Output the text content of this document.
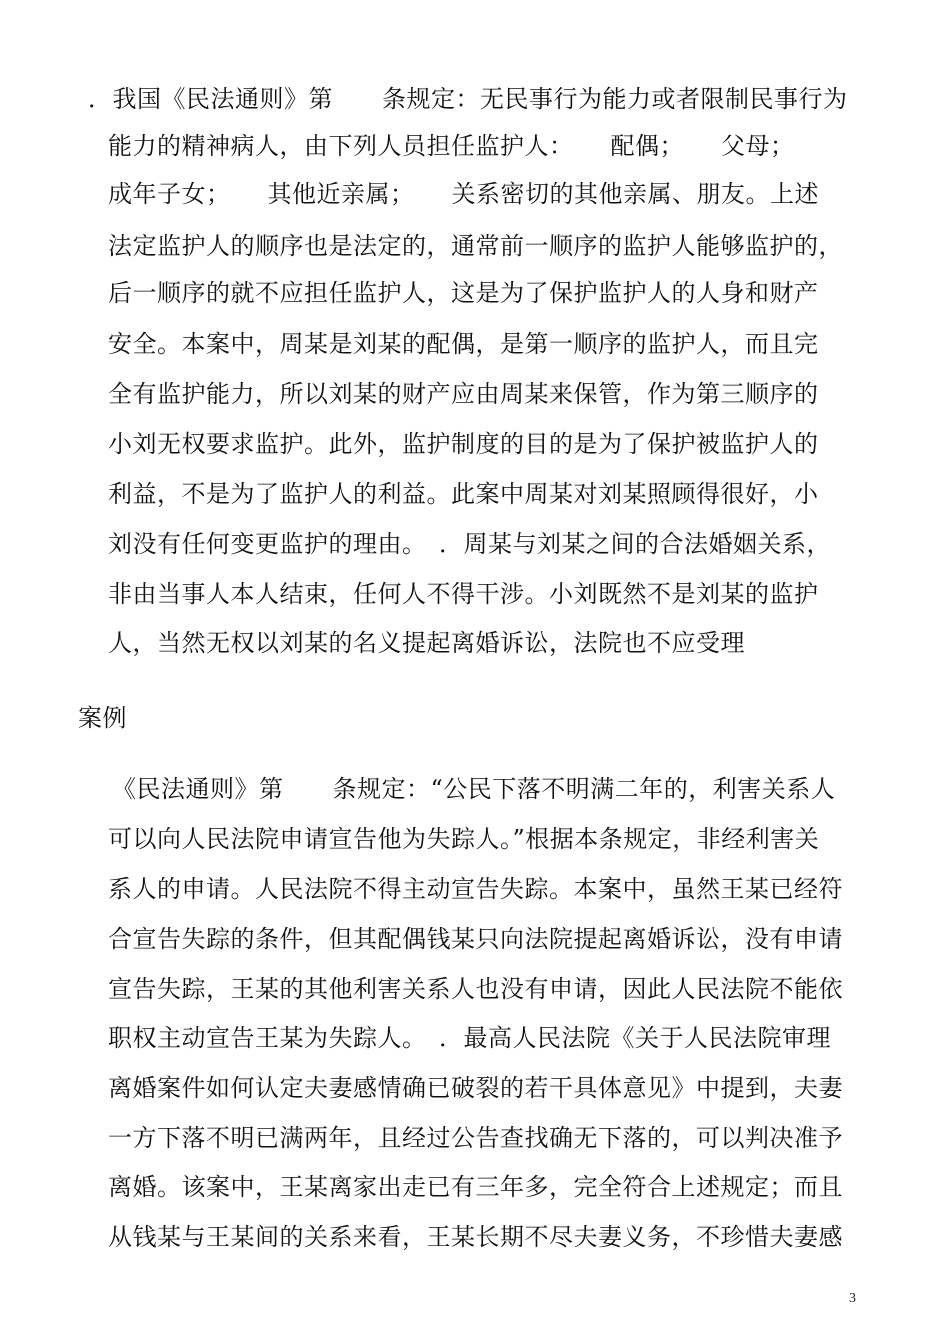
．我国《民法通则》第　　条规定：无民事行为能力或者限制民事行为
能力的精神病人，由下列人员担任监护人：　　配偶；　　父母；
成年子女；　　其他近亲属；　　关系密切的其他亲属、朋友。上述
法定监护人的顺序也是法定的，通常前一顺序的监护人能够监护的，
后一顺序的就不应担任监护人，这是为了保护监护人的人身和财产
安全。本案中，周某是刘某的配偶，是第一顺序的监护人，而且完
全有监护能力，所以刘某的财产应由周某来保管，作为第三顺序的
小刘无权要求监护。此外，监护制度的目的是为了保护被监护人的
利益，不是为了监护人的利益。此案中周某对刘某照顾得很好，小
刘没有任何变更监护的理由。　．周某与刘某之间的合法婚姻关系，
非由当事人本人结束，任何人不得干涉。小刘既然不是刘某的监护
人，当然无权以刘某的名义提起离婚诉讼，法院也不应受理
案例
《民法通则》第　　条规定：“公民下落不明满二年的，利害关系人
可以向人民法院申请宣告他为失踪人。”根据本条规定，非经利害关
系人的申请。人民法院不得主动宣告失踪。本案中，虽然王某已经符
合宣告失踪的条件，但其配偶钱某只向法院提起离婚诉讼，没有申请
宣告失踪，王某的其他利害关系人也没有申请，因此人民法院不能依
职权主动宣告王某为失踪人。　．最高人民法院《关于人民法院审理
离婚案件如何认定夫妻感情确已破裂的若干具体意见》中提到，夫妻
一方下落不明已满两年，且经过公告查找确无下落的，可以判决准予
离婚。该案中，王某离家出走已有三年多，完全符合上述规定；而且
从钱某与王某间的关系来看，王某长期不尽夫妻义务，不珍惜夫妻感
3
